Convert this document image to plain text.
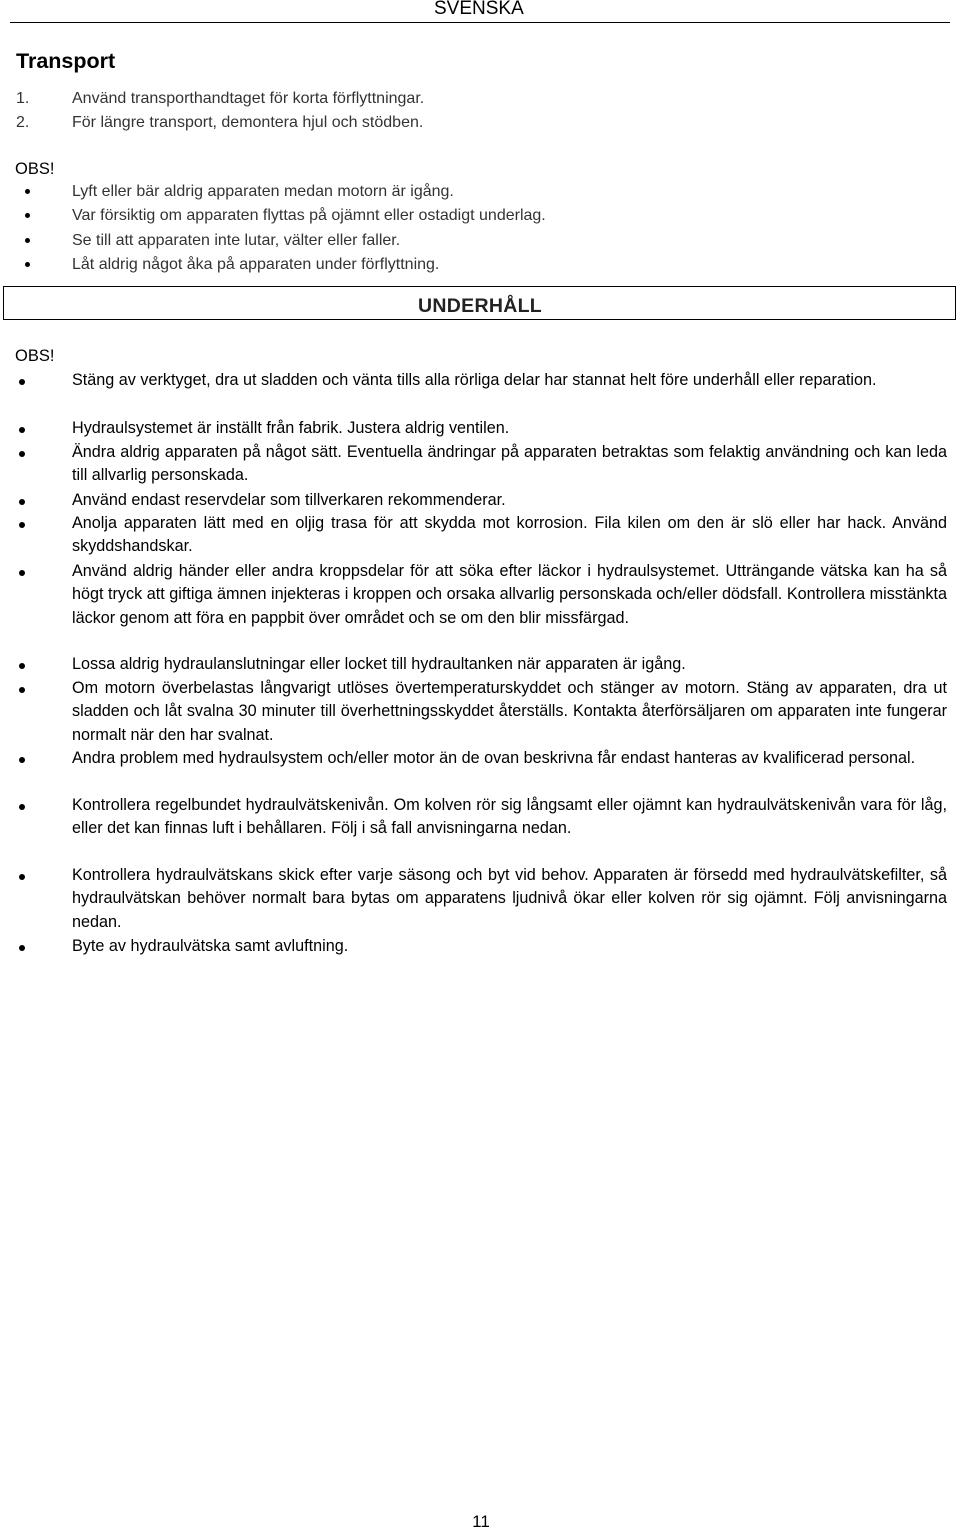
SVENSKA
Transport
1.	Använd transporthandtaget för korta förflyttningar.
2.	För längre transport, demontera hjul och stödben.
OBS!
Lyft eller bär aldrig apparaten medan motorn är igång.
Var försiktig om apparaten flyttas på ojämnt eller ostadigt underlag.
Se till att apparaten inte lutar, välter eller faller.
Låt aldrig något åka på apparaten under förflyttning.
UNDERHÅLL
OBS!
Stäng av verktyget, dra ut sladden och vänta tills alla rörliga delar har stannat helt före underhåll eller reparation.
Hydraulsystemet är inställt från fabrik. Justera aldrig ventilen.
Ändra aldrig apparaten på något sätt. Eventuella ändringar på apparaten betraktas som felaktig användning och kan leda till allvarlig personskada.
Använd endast reservdelar som tillverkaren rekommenderar.
Anolja apparaten lätt med en oljig trasa för att skydda mot korrosion. Fila kilen om den är slö eller har hack. Använd skyddshandskar.
Använd aldrig händer eller andra kroppsdelar för att söka efter läckor i hydraulsystemet. Utträngande vätska kan ha så högt tryck att giftiga ämnen injekteras i kroppen och orsaka allvarlig personskada och/eller dödsfall. Kontrollera misstänkta läckor genom att föra en pappbit över området och se om den blir missfärgad.
Lossa aldrig hydraulanslutningar eller locket till hydraultanken när apparaten är igång.
Om motorn överbelastas långvarigt utlöses övertemperaturskyddet och stänger av motorn. Stäng av apparaten, dra ut sladden och låt svalna 30 minuter till överhettningsskyddet återställs. Kontakta återförsäljaren om apparaten inte fungerar normalt när den har svalnat.
Andra problem med hydraulsystem och/eller motor än de ovan beskrivna får endast hanteras av kvalificerad personal.
Kontrollera regelbundet hydraulvätskenivån. Om kolven rör sig långsamt eller ojämnt kan hydraulvätskenivån vara för låg, eller det kan finnas luft i behållaren. Följ i så fall anvisningarna nedan.
Kontrollera hydraulvätskans skick efter varje säsong och byt vid behov. Apparaten är försedd med hydraulvätskefilter, så hydraulvätskan behöver normalt bara bytas om apparatens ljudnivå ökar eller kolven rör sig ojämnt. Följ anvisningarna nedan.
Byte av hydraulvätska samt avluftning.
11
